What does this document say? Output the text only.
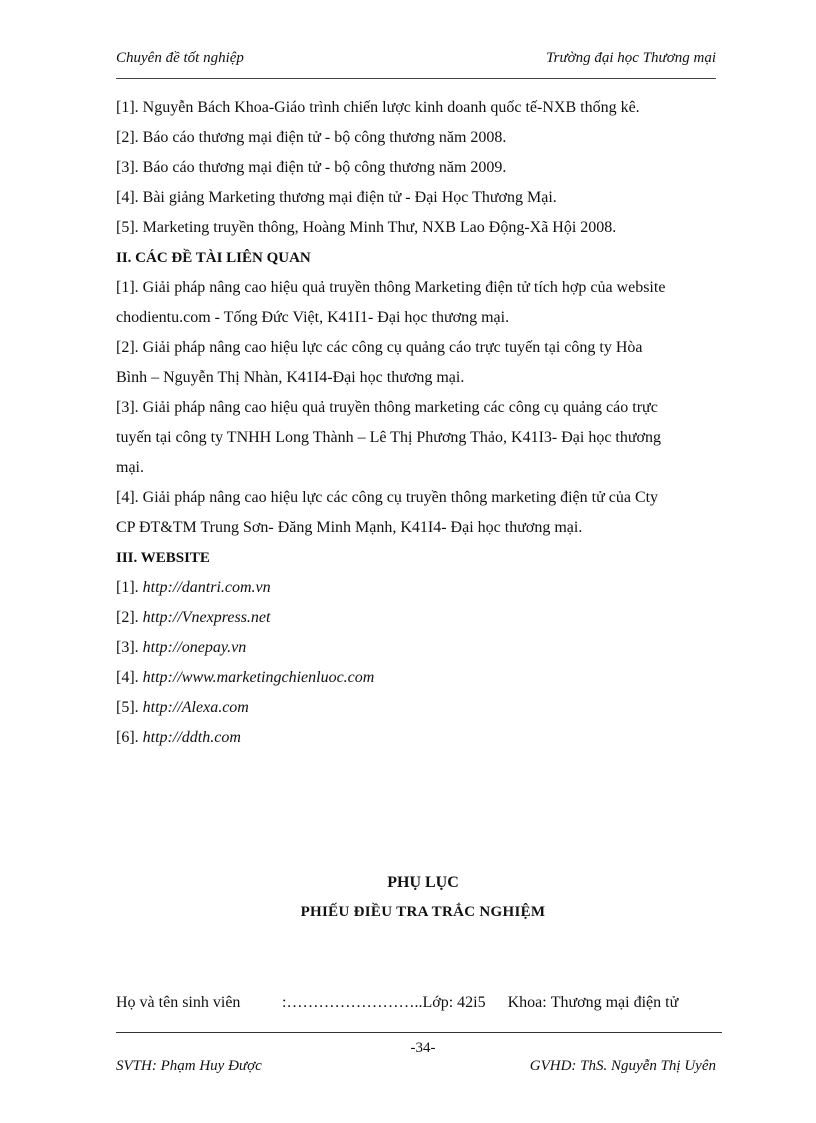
Chuyên đề tốt nghiệp	Trường đại học Thương mại
[1]. Nguyễn Bách Khoa-Giáo trình chiến lược kinh doanh quốc tế-NXB thống kê.
[2]. Báo cáo thương mại điện tử - bộ công thương năm 2008.
[3]. Báo cáo thương mại điện tử - bộ công thương năm 2009.
[4]. Bài giảng Marketing thương mại điện tử - Đại Học Thương Mại.
[5]. Marketing truyền thông, Hoàng Minh Thư, NXB Lao Động-Xã Hội 2008.
II. CÁC ĐỀ TÀI LIÊN QUAN
[1]. Giải pháp nâng cao hiệu quả truyền thông Marketing điện tử tích hợp của website
chodientu.com - Tống Đức Việt, K41I1- Đại học thương mại.
[2]. Giải pháp nâng cao hiệu lực các công cụ quảng cáo trực tuyến tại công ty Hòa
Bình – Nguyễn Thị Nhàn, K41I4-Đại học thương mại.
[3]. Giải pháp nâng cao hiệu quả truyền thông marketing các công cụ quảng cáo trực
tuyến tại công ty TNHH Long Thành – Lê Thị Phương Thảo, K41I3- Đại học thương
mại.
[4]. Giải pháp nâng cao hiệu lực các công cụ truyền thông marketing điện tử của Cty
CP ĐT&TM Trung Sơn- Đăng Minh Mạnh, K41I4- Đại học thương mại.
III. WEBSITE
[1]. http://dantri.com.vn
[2]. http://Vnexpress.net
[3]. http://onepay.vn
[4]. http://www.marketingchienluoc.com
[5]. http://Alexa.com
[6]. http://ddth.com
PHỤ LỤC
PHIẾU ĐIỀU TRA TRẮC NGHIỆM
Họ và tên sinh viên	:……………………..Lớp: 42i5 Khoa: Thương mại điện tử
-34-
SVTH: Phạm Huy Được	GVHD: ThS. Nguyễn Thị Uyên
